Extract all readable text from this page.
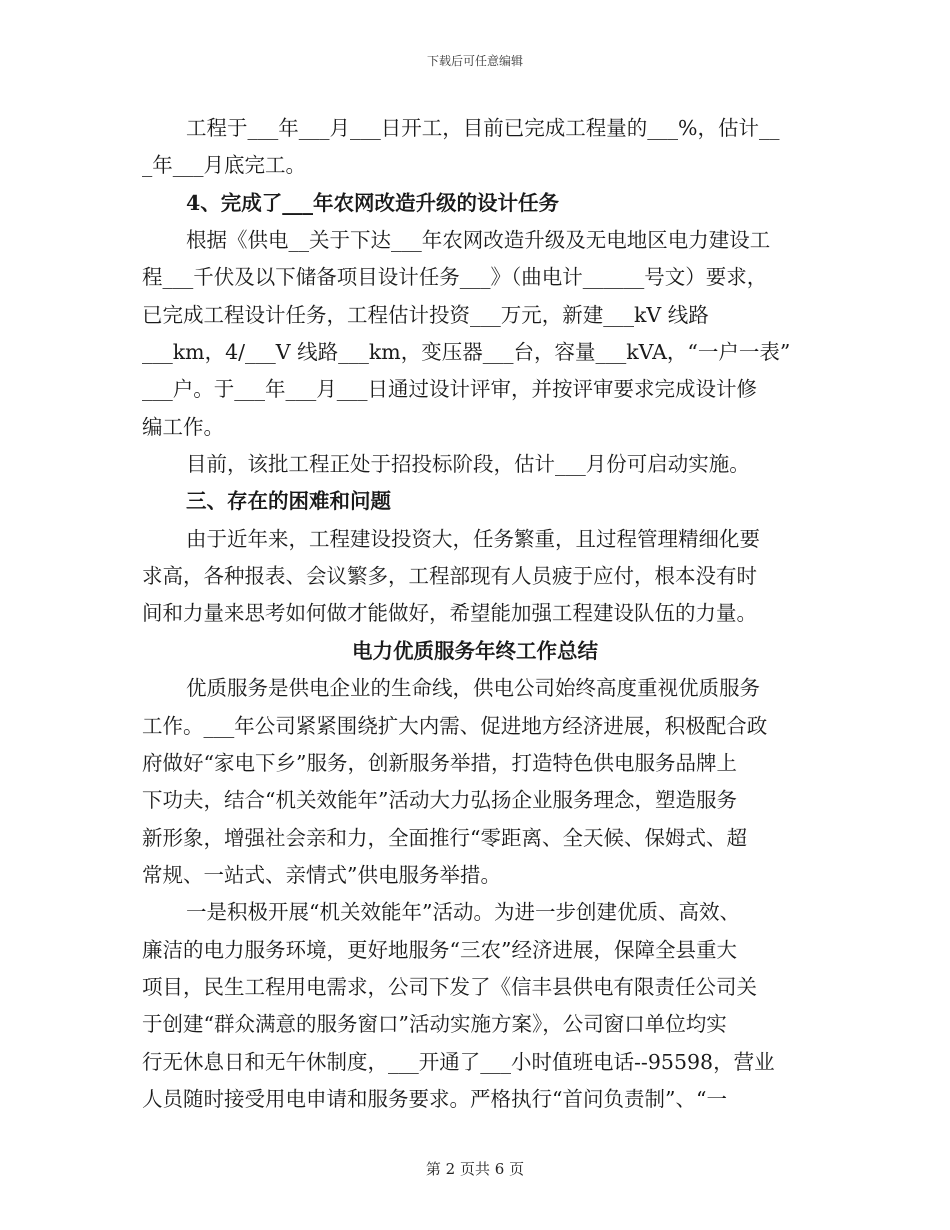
下载后可任意编辑
工程于___年___月___日开工，目前已完成工程量的___%，估计__
_年___月底完工。
4、完成了___年农网改造升级的设计任务
根据《供电__关于下达___年农网改造升级及无电地区电力建设工
程___千伏及以下储备项目设计任务___》（曲电计______号文）要求，
已完成工程设计任务，工程估计投资___万元，新建___kV 线路
___km，4/___V 线路___km，变压器___台，容量___kVA，“一户一表”
___户。于___年___月___日通过设计评审，并按评审要求完成设计修
编工作。
目前，该批工程正处于招投标阶段，估计___月份可启动实施。
三、存在的困难和问题
由于近年来，工程建设投资大，任务繁重，且过程管理精细化要
求高，各种报表、会议繁多，工程部现有人员疲于应付，根本没有时
间和力量来思考如何做才能做好，希望能加强工程建设队伍的力量。
电力优质服务年终工作总结
优质服务是供电企业的生命线，供电公司始终高度重视优质服务
工作。___年公司紧紧围绕扩大内需、促进地方经济进展，积极配合政
府做好“家电下乡”服务，创新服务举措，打造特色供电服务品牌上
下功夫，结合“机关效能年”活动大力弘扬企业服务理念，塑造服务
新形象，增强社会亲和力，全面推行“零距离、全天候、保姆式、超
常规、一站式、亲情式”供电服务举措。
一是积极开展“机关效能年”活动。为进一步创建优质、高效、
廉洁的电力服务环境，更好地服务“三农”经济进展，保障全县重大
项目，民生工程用电需求，公司下发了《信丰县供电有限责任公司关
于创建“群众满意的服务窗口”活动实施方案》，公司窗口单位均实
行无休息日和无午休制度，___开通了___小时值班电话--95598，营业
人员随时接受用电申请和服务要求。严格执行“首问负责制”、“一
第 2 页共 6 页
